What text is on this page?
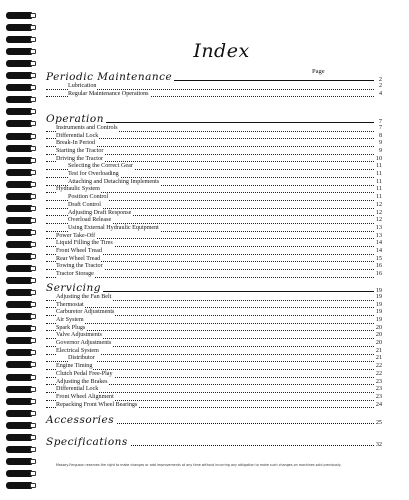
Index
Page
Periodic Maintenance	2
Lubrication	2
Regular Maintenance Operations	4
Operation	7
Instruments and Controls	7
Differential Lock	8
Break-In Period	9
Starting the Tractor	9
Driving the Tractor	10
Selecting the Correct Gear	11
Test for Overloading	11
Attaching and Detaching Implements	11
Hydraulic System	11
Position Control	11
Draft Control	12
Adjusting Draft Response	12
Overload Release	12
Using External Hydraulic Equipment	13
Power Take-Off	13
Liquid Filling the Tires	14
Front Wheel Tread	14
Rear Wheel Tread	15
Towing the Tractor	16
Tractor Storage	16
Servicing	19
Adjusting the Fan Belt	19
Thermostat	19
Carburetor Adjustments	19
Air System	19
Spark Plugs	20
Valve Adjustments	20
Governor Adjustments	20
Electrical System	21
Distributor	21
Engine Timing	22
Clutch Pedal Free-Play	22
Adjusting the Brakes	23
Differential Lock	23
Front Wheel Alignment	23
Repacking Front Wheel Bearings	24
Accessories	25
Specifications	32
Massey-Ferguson reserves the right to make changes or add improvements at any time without incurring any obligation to make such changes on machines sold previously.
